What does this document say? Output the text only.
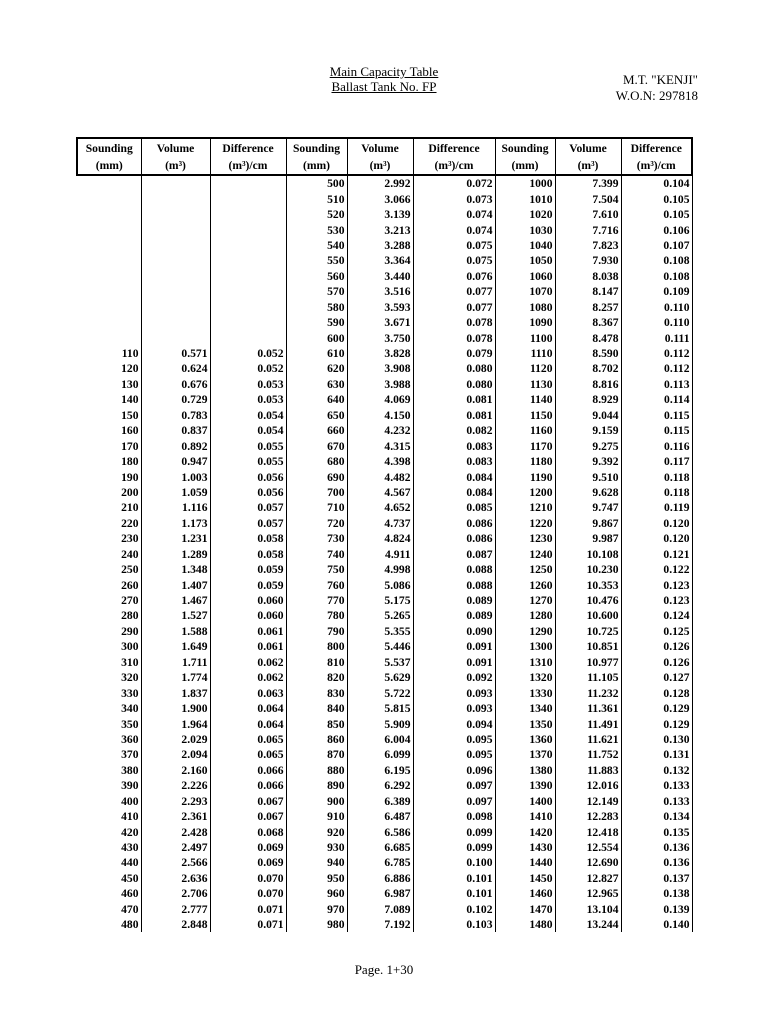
Main Capacity Table
Ballast Tank No. FP	M.T. "KENJI"
W.O.N: 297818
Sounding	Volume	Difference	Sounding	Volume	Difference	Sounding	Volume	Difference
(mm)	(m³)	(m³)/cm	(mm)	(m³)	(m³)/cm	(mm)	(m³)	(m³)/cm
			500	2.992	0.072	1000	7.399	0.104
			510	3.066	0.073	1010	7.504	0.105
			520	3.139	0.074	1020	7.610	0.105
			530	3.213	0.074	1030	7.716	0.106
			540	3.288	0.075	1040	7.823	0.107
			550	3.364	0.075	1050	7.930	0.108
			560	3.440	0.076	1060	8.038	0.108
			570	3.516	0.077	1070	8.147	0.109
			580	3.593	0.077	1080	8.257	0.110
			590	3.671	0.078	1090	8.367	0.110
			600	3.750	0.078	1100	8.478	0.111
110	0.571	0.052	610	3.828	0.079	1110	8.590	0.112
120	0.624	0.052	620	3.908	0.080	1120	8.702	0.112
130	0.676	0.053	630	3.988	0.080	1130	8.816	0.113
140	0.729	0.053	640	4.069	0.081	1140	8.929	0.114
150	0.783	0.054	650	4.150	0.081	1150	9.044	0.115
160	0.837	0.054	660	4.232	0.082	1160	9.159	0.115
170	0.892	0.055	670	4.315	0.083	1170	9.275	0.116
180	0.947	0.055	680	4.398	0.083	1180	9.392	0.117
190	1.003	0.056	690	4.482	0.084	1190	9.510	0.118
200	1.059	0.056	700	4.567	0.084	1200	9.628	0.118
210	1.116	0.057	710	4.652	0.085	1210	9.747	0.119
220	1.173	0.057	720	4.737	0.086	1220	9.867	0.120
230	1.231	0.058	730	4.824	0.086	1230	9.987	0.120
240	1.289	0.058	740	4.911	0.087	1240	10.108	0.121
250	1.348	0.059	750	4.998	0.088	1250	10.230	0.122
260	1.407	0.059	760	5.086	0.088	1260	10.353	0.123
270	1.467	0.060	770	5.175	0.089	1270	10.476	0.123
280	1.527	0.060	780	5.265	0.089	1280	10.600	0.124
290	1.588	0.061	790	5.355	0.090	1290	10.725	0.125
300	1.649	0.061	800	5.446	0.091	1300	10.851	0.126
310	1.711	0.062	810	5.537	0.091	1310	10.977	0.126
320	1.774	0.062	820	5.629	0.092	1320	11.105	0.127
330	1.837	0.063	830	5.722	0.093	1330	11.232	0.128
340	1.900	0.064	840	5.815	0.093	1340	11.361	0.129
350	1.964	0.064	850	5.909	0.094	1350	11.491	0.129
360	2.029	0.065	860	6.004	0.095	1360	11.621	0.130
370	2.094	0.065	870	6.099	0.095	1370	11.752	0.131
380	2.160	0.066	880	6.195	0.096	1380	11.883	0.132
390	2.226	0.066	890	6.292	0.097	1390	12.016	0.133
400	2.293	0.067	900	6.389	0.097	1400	12.149	0.133
410	2.361	0.067	910	6.487	0.098	1410	12.283	0.134
420	2.428	0.068	920	6.586	0.099	1420	12.418	0.135
430	2.497	0.069	930	6.685	0.099	1430	12.554	0.136
440	2.566	0.069	940	6.785	0.100	1440	12.690	0.136
450	2.636	0.070	950	6.886	0.101	1450	12.827	0.137
460	2.706	0.070	960	6.987	0.101	1460	12.965	0.138
470	2.777	0.071	970	7.089	0.102	1470	13.104	0.139
480	2.848	0.071	980	7.192	0.103	1480	13.244	0.140
Page. 1+30
